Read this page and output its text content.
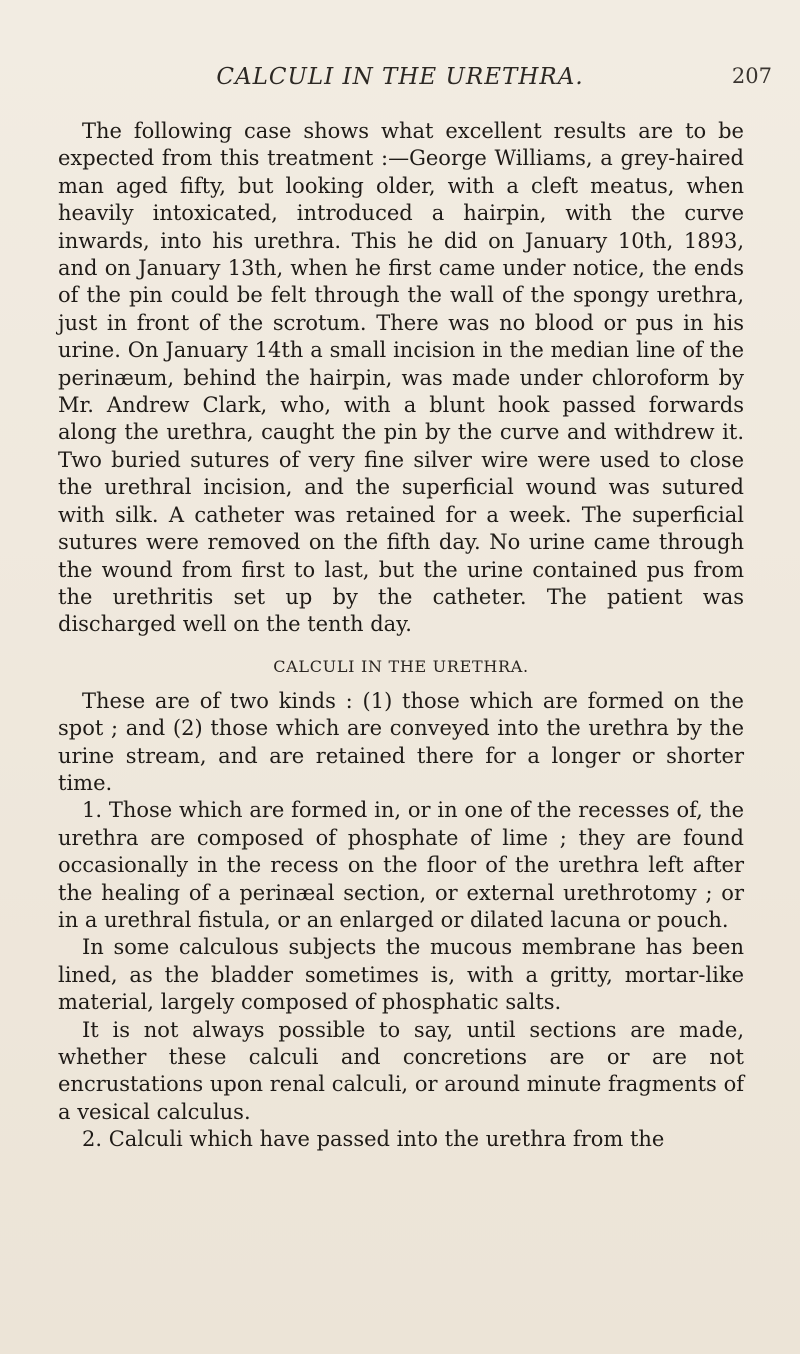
CALCULI IN THE URETHRA.	207

The following case shows what excellent results are to be expected from this treatment :—George Williams, a grey-haired man aged fifty, but looking older, with a cleft meatus, when heavily intoxicated, introduced a hairpin, with the curve inwards, into his urethra. This he did on January 10th, 1893, and on January 13th, when he first came under notice, the ends of the pin could be felt through the wall of the spongy urethra, just in front of the scrotum. There was no blood or pus in his urine. On January 14th a small incision in the median line of the perinæum, behind the hairpin, was made under chloroform by Mr. Andrew Clark, who, with a blunt hook passed forwards along the urethra, caught the pin by the curve and withdrew it. Two buried sutures of very fine silver wire were used to close the urethral incision, and the superficial wound was sutured with silk. A catheter was retained for a week. The superficial sutures were removed on the fifth day. No urine came through the wound from first to last, but the urine contained pus from the urethritis set up by the catheter. The patient was discharged well on the tenth day.

CALCULI IN THE URETHRA.

These are of two kinds : (1) those which are formed on the spot ; and (2) those which are conveyed into the urethra by the urine stream, and are retained there for a longer or shorter time.

1. Those which are formed in, or in one of the recesses of, the urethra are composed of phosphate of lime ; they are found occasionally in the recess on the floor of the urethra left after the healing of a perinæal section, or external urethrotomy ; or in a urethral fistula, or an enlarged or dilated lacuna or pouch.

In some calculous subjects the mucous membrane has been lined, as the bladder sometimes is, with a gritty, mortar-like material, largely composed of phosphatic salts.

It is not always possible to say, until sections are made, whether these calculi and concretions are or are not encrustations upon renal calculi, or around minute fragments of a vesical calculus.

2. Calculi which have passed into the urethra from the
